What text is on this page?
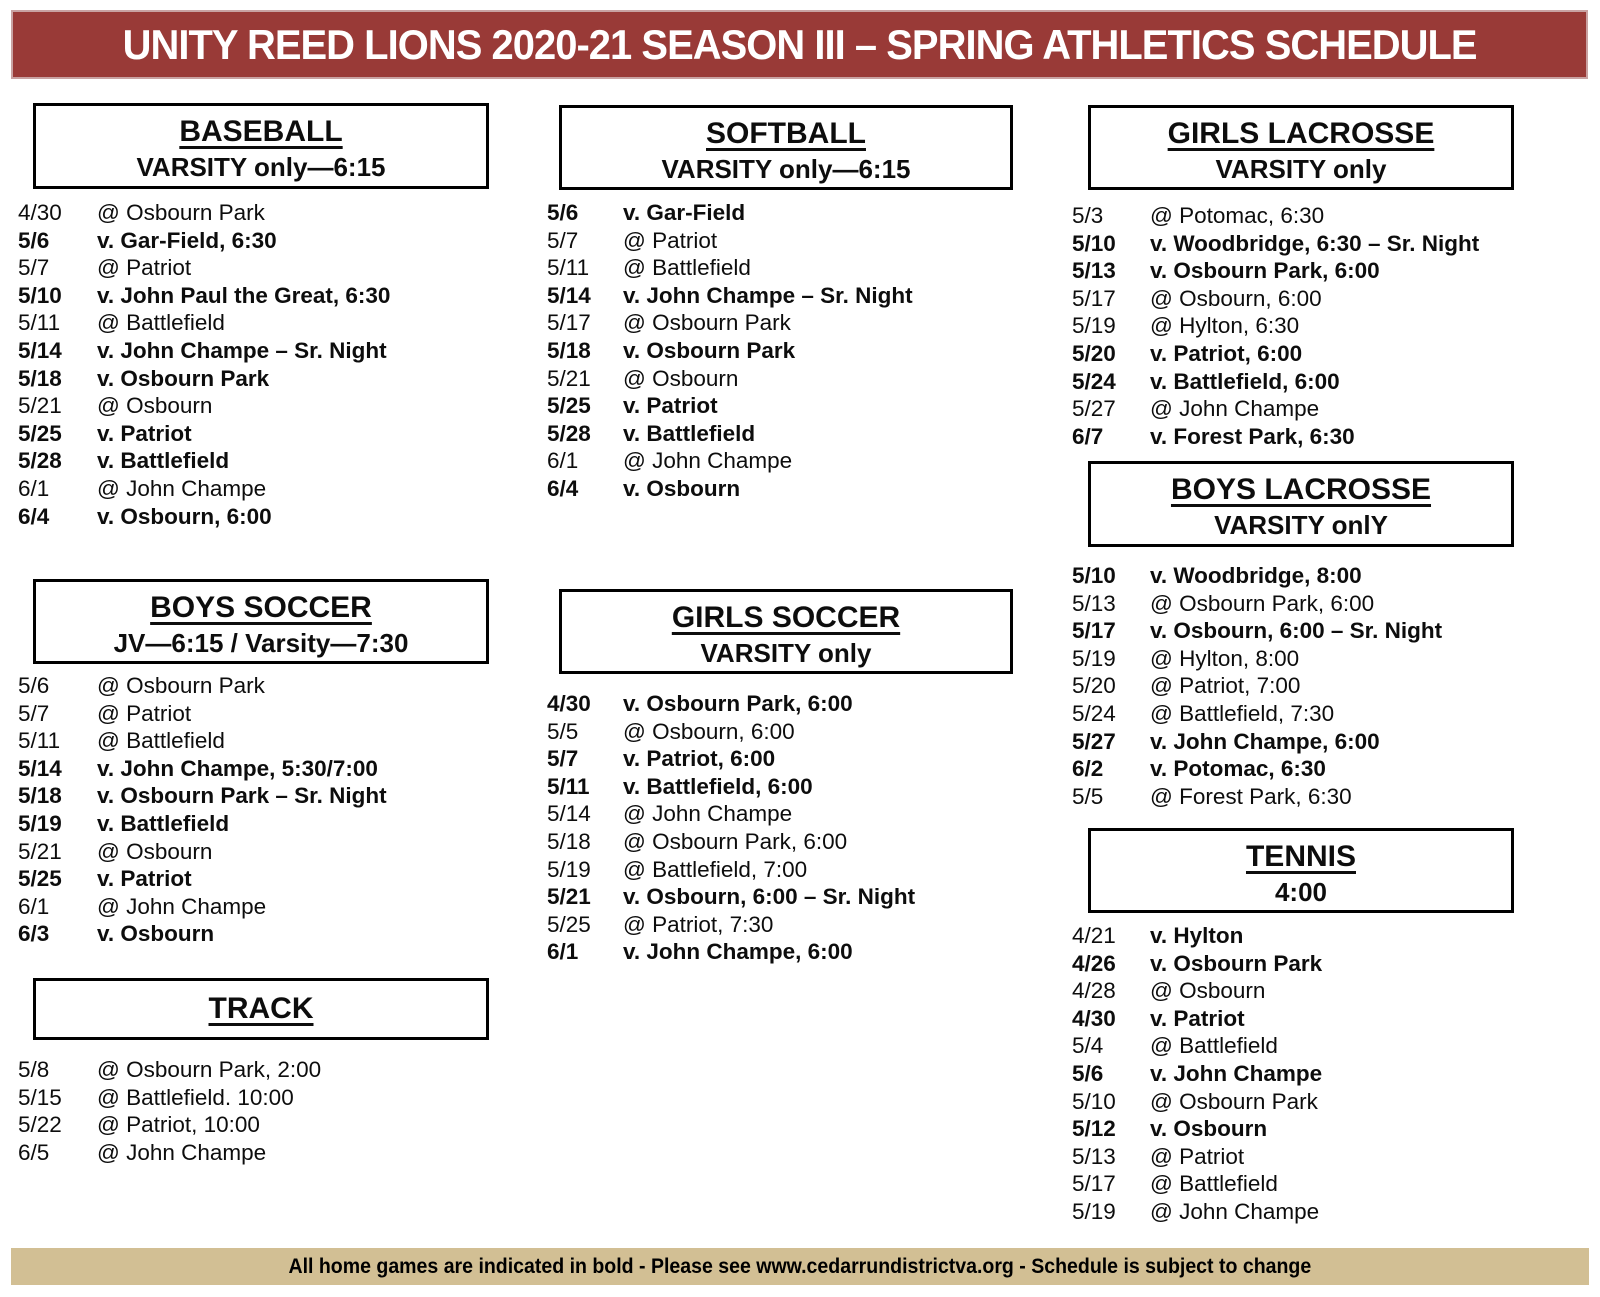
UNITY REED LIONS 2020-21 SEASON III – SPRING ATHLETICS SCHEDULE
BASEBALL
VARSITY only—6:15
4/30	@ Osbourn Park
5/6	v. Gar-Field, 6:30
5/7	@ Patriot
5/10	v. John Paul the Great, 6:30
5/11	@ Battlefield
5/14	v. John Champe – Sr. Night
5/18	v. Osbourn Park
5/21	@ Osbourn
5/25	v. Patriot
5/28	v. Battlefield
6/1	@ John Champe
6/4	v. Osbourn, 6:00
SOFTBALL
VARSITY only—6:15
5/6	v. Gar-Field
5/7	@ Patriot
5/11	@ Battlefield
5/14	v. John Champe – Sr. Night
5/17	@ Osbourn Park
5/18	v. Osbourn Park
5/21	@ Osbourn
5/25	v. Patriot
5/28	v. Battlefield
6/1	@ John Champe
6/4	v. Osbourn
GIRLS LACROSSE
VARSITY only
5/3	@ Potomac, 6:30
5/10	v. Woodbridge, 6:30 – Sr. Night
5/13	v. Osbourn Park, 6:00
5/17	@ Osbourn, 6:00
5/19	@ Hylton, 6:30
5/20	v. Patriot, 6:00
5/24	v. Battlefield, 6:00
5/27	@ John Champe
6/7	v. Forest Park, 6:30
BOYS SOCCER
JV—6:15 / Varsity—7:30
5/6	@ Osbourn Park
5/7	@ Patriot
5/11	@ Battlefield
5/14	v. John Champe, 5:30/7:00
5/18	v. Osbourn Park – Sr. Night
5/19	v. Battlefield
5/21	@ Osbourn
5/25	v. Patriot
6/1	@ John Champe
6/3	v. Osbourn
GIRLS SOCCER
VARSITY only
4/30	v. Osbourn Park, 6:00
5/5	@ Osbourn, 6:00
5/7	v. Patriot, 6:00
5/11	v. Battlefield, 6:00
5/14	@ John Champe
5/18	@ Osbourn Park, 6:00
5/19	@ Battlefield, 7:00
5/21	v. Osbourn, 6:00 – Sr. Night
5/25	@ Patriot, 7:30
6/1	v. John Champe, 6:00
BOYS LACROSSE
VARSITY onlY
5/10	v. Woodbridge, 8:00
5/13	@ Osbourn Park, 6:00
5/17	v. Osbourn, 6:00 – Sr. Night
5/19	@ Hylton, 8:00
5/20	@ Patriot, 7:00
5/24	@ Battlefield, 7:30
5/27	v. John Champe, 6:00
6/2	v. Potomac, 6:30
5/5	@ Forest Park, 6:30
TRACK
5/8	@ Osbourn Park, 2:00
5/15	@ Battlefield. 10:00
5/22	@ Patriot, 10:00
6/5	@ John Champe
TENNIS
4:00
4/21	v. Hylton
4/26	v. Osbourn Park
4/28	@ Osbourn
4/30	v. Patriot
5/4	@ Battlefield
5/6	v. John Champe
5/10	@ Osbourn Park
5/12	v. Osbourn
5/13	@ Patriot
5/17	@ Battlefield
5/19	@ John Champe
All home games are indicated in bold - Please see www.cedarrundistrictva.org - Schedule is subject to change
